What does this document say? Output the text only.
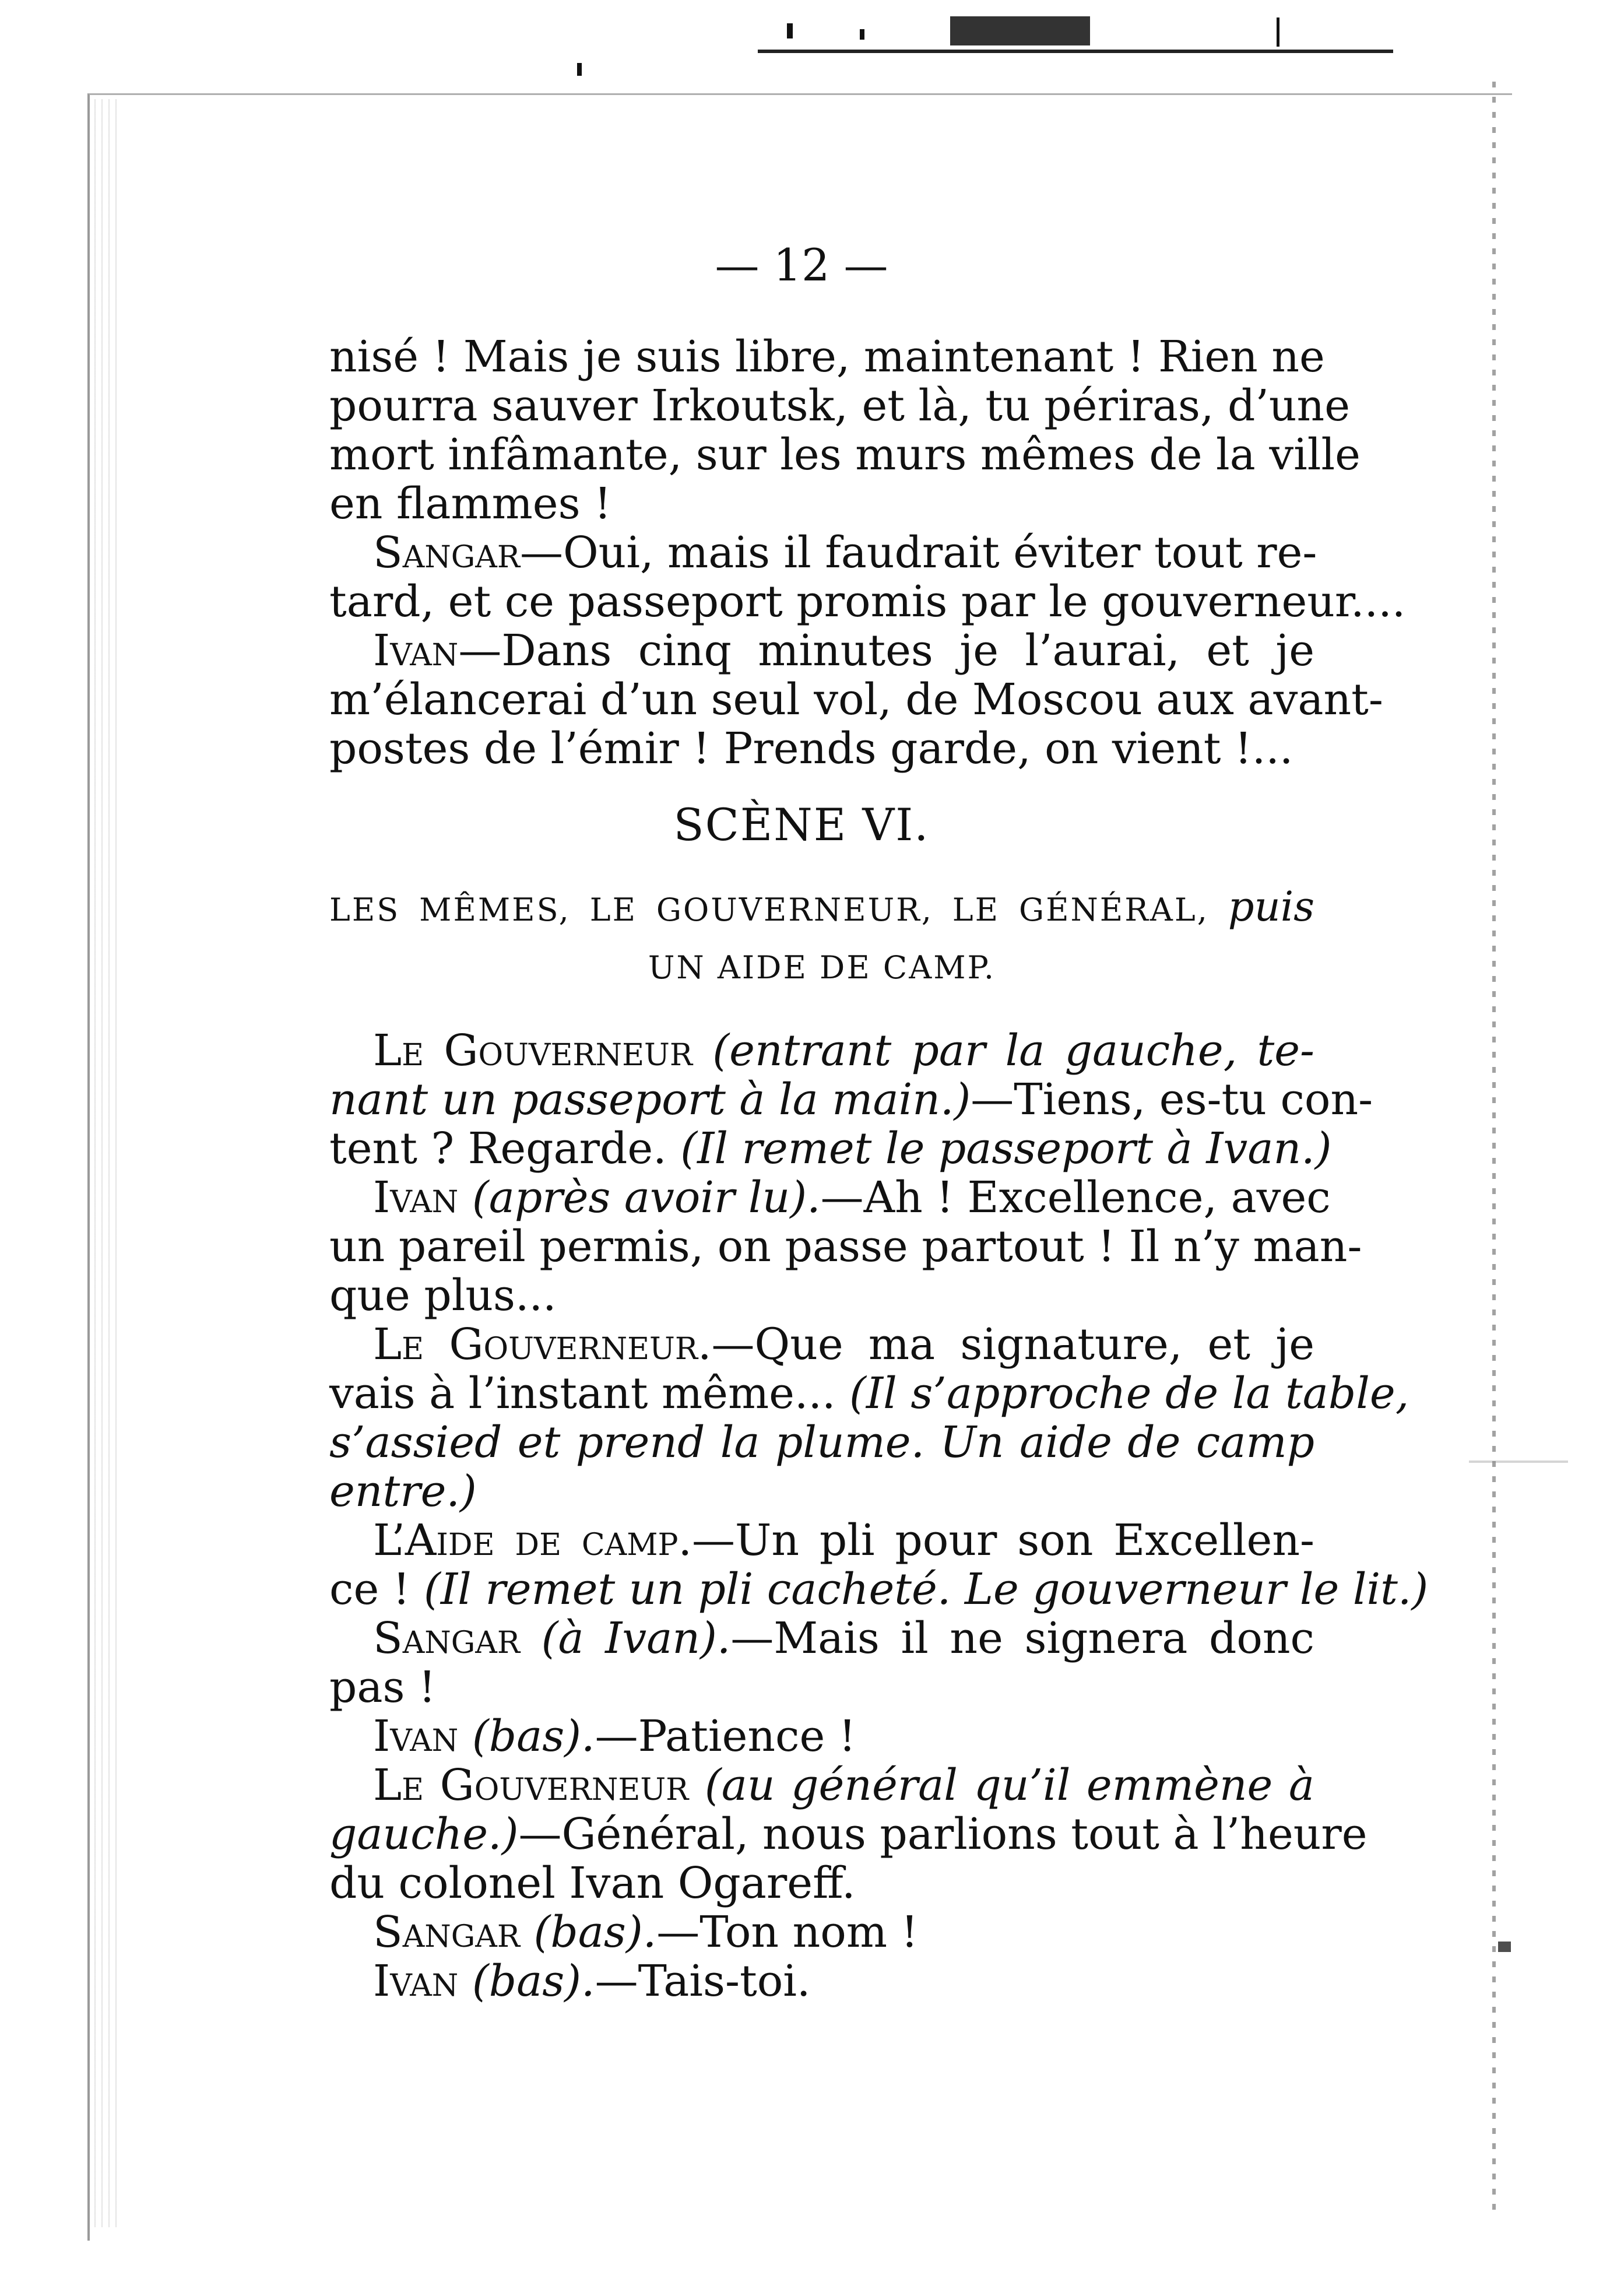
— 12 —
nisé ! Mais je suis libre, maintenant ! Rien ne
pourra sauver Irkoutsk, et là, tu périras, d’une
mort infâmante, sur les murs mêmes de la ville
en flammes !
Sangar—Oui, mais il faudrait éviter tout re-
tard, et ce passeport promis par le gouverneur....
Ivan—Dans cinq minutes je l’aurai, et je
m’élancerai d’un seul vol, de Moscou aux avant-
postes de l’émir ! Prends garde, on vient !...
SCÈNE VI.
LES MÊMES, LE GOUVERNEUR, LE GÉNÉRAL, puis
UN AIDE DE CAMP.
Le Gouverneur (entrant par la gauche, te-
nant un passeport à la main.)—Tiens, es-tu con-
tent ? Regarde. (Il remet le passeport à Ivan.)
Ivan (après avoir lu).—Ah ! Excellence, avec
un pareil permis, on passe partout ! Il n’y man-
que plus...
Le Gouverneur.—Que ma signature, et je
vais à l’instant même... (Il s’approche de la table,
s’assied et prend la plume. Un aide de camp
entre.)
L’Aide de camp.—Un pli pour son Excellen-
ce ! (Il remet un pli cacheté. Le gouverneur le lit.)
Sangar (à Ivan).—Mais il ne signera donc
pas !
Ivan (bas).—Patience !
Le Gouverneur (au général qu’il emmène à
gauche.)—Général, nous parlions tout à l’heure
du colonel Ivan Ogareff.
Sangar (bas).—Ton nom !
Ivan (bas).—Tais-toi.
